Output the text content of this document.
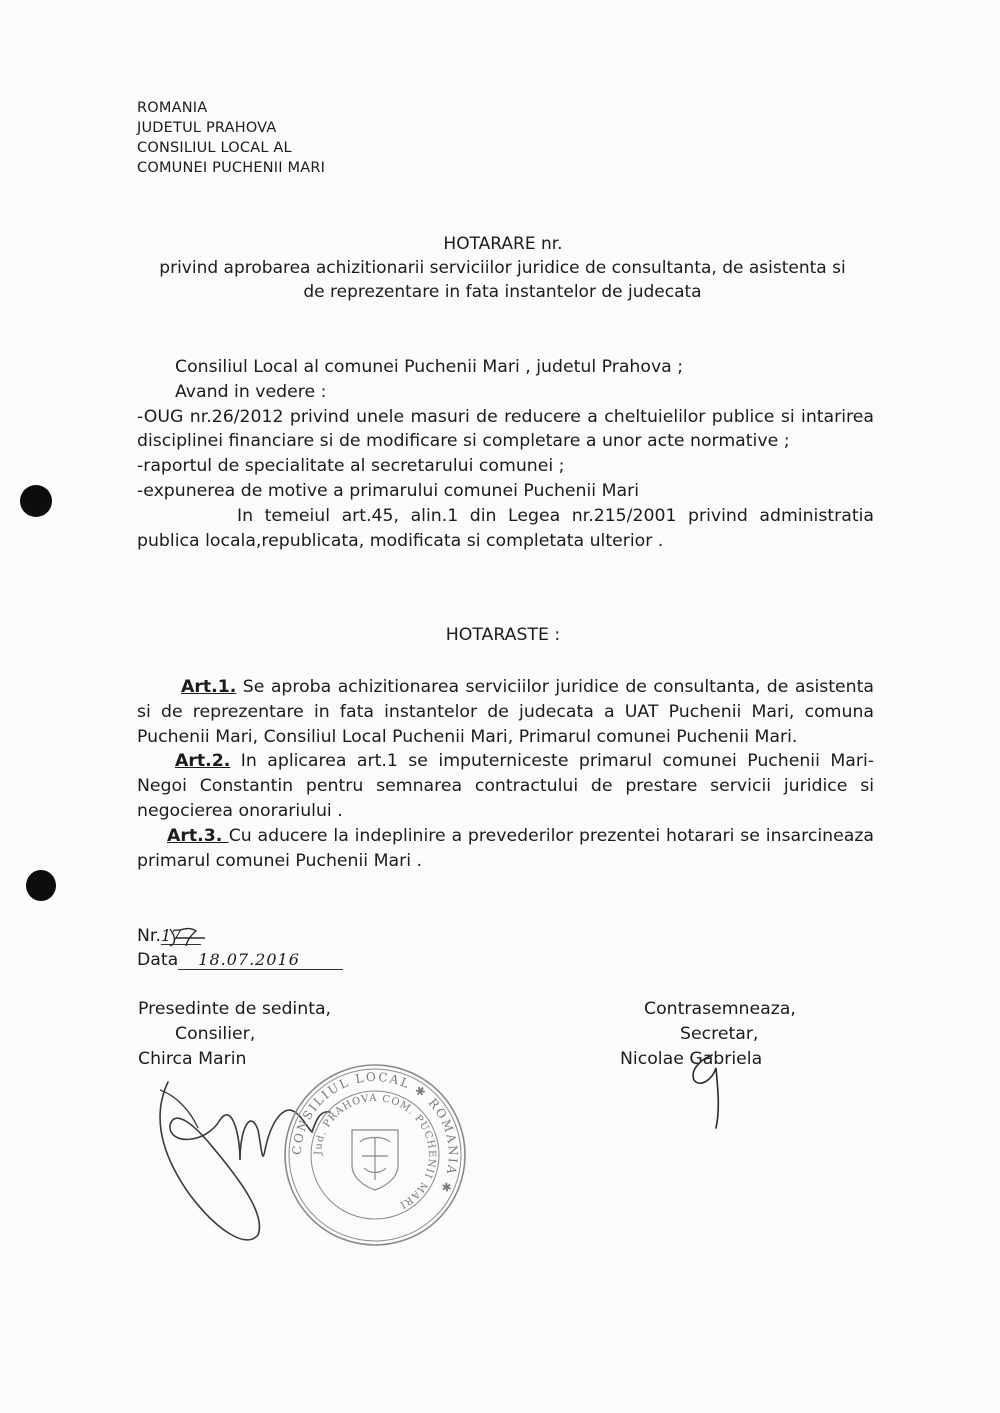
ROMANIA
JUDETUL PRAHOVA
CONSILIUL LOCAL AL
COMUNEI PUCHENII MARI
HOTARARE nr.
privind aprobarea achizitionarii serviciilor juridice de consultanta, de asistenta si
de reprezentare in fata instantelor de judecata
Consiliul Local al comunei Puchenii Mari , judetul Prahova ;
Avand in vedere :
-OUG nr.26/2012 privind unele masuri de reducere a cheltuielilor publice si intarirea disciplinei financiare si de modificare si completare a unor acte normative ;
-raportul de specialitate al secretarului comunei ;
-expunerea de motive a primarului comunei Puchenii Mari
In temeiul art.45, alin.1 din Legea nr.215/2001 privind administratia publica locala,republicata, modificata si completata ulterior .
HOTARASTE :
Art.1. Se aproba achizitionarea serviciilor juridice de consultanta, de asistenta si de reprezentare in fata instantelor de judecata a UAT Puchenii Mari, comuna Puchenii Mari, Consiliul Local Puchenii Mari, Primarul comunei Puchenii Mari.
Art.2. In aplicarea art.1 se imputerniceste primarul comunei Puchenii Mari-Negoi Constantin pentru semnarea contractului de prestare servicii juridice si negocierea onorariului .
Art.3. Cu aducere la indeplinire a prevederilor prezentei hotarari se insarcineaza primarul comunei Puchenii Mari .
Nr.17
Data 18.07.2016
Presedinte de sedinta,
Consilier,
Chirca Marin
Contrasemneaza,
Secretar,
Nicolae Gabriela
CONSILIUL LOCAL ✱ ROMANIA ✱
Jud. PRAHOVA COM. PUCHENII MARI
